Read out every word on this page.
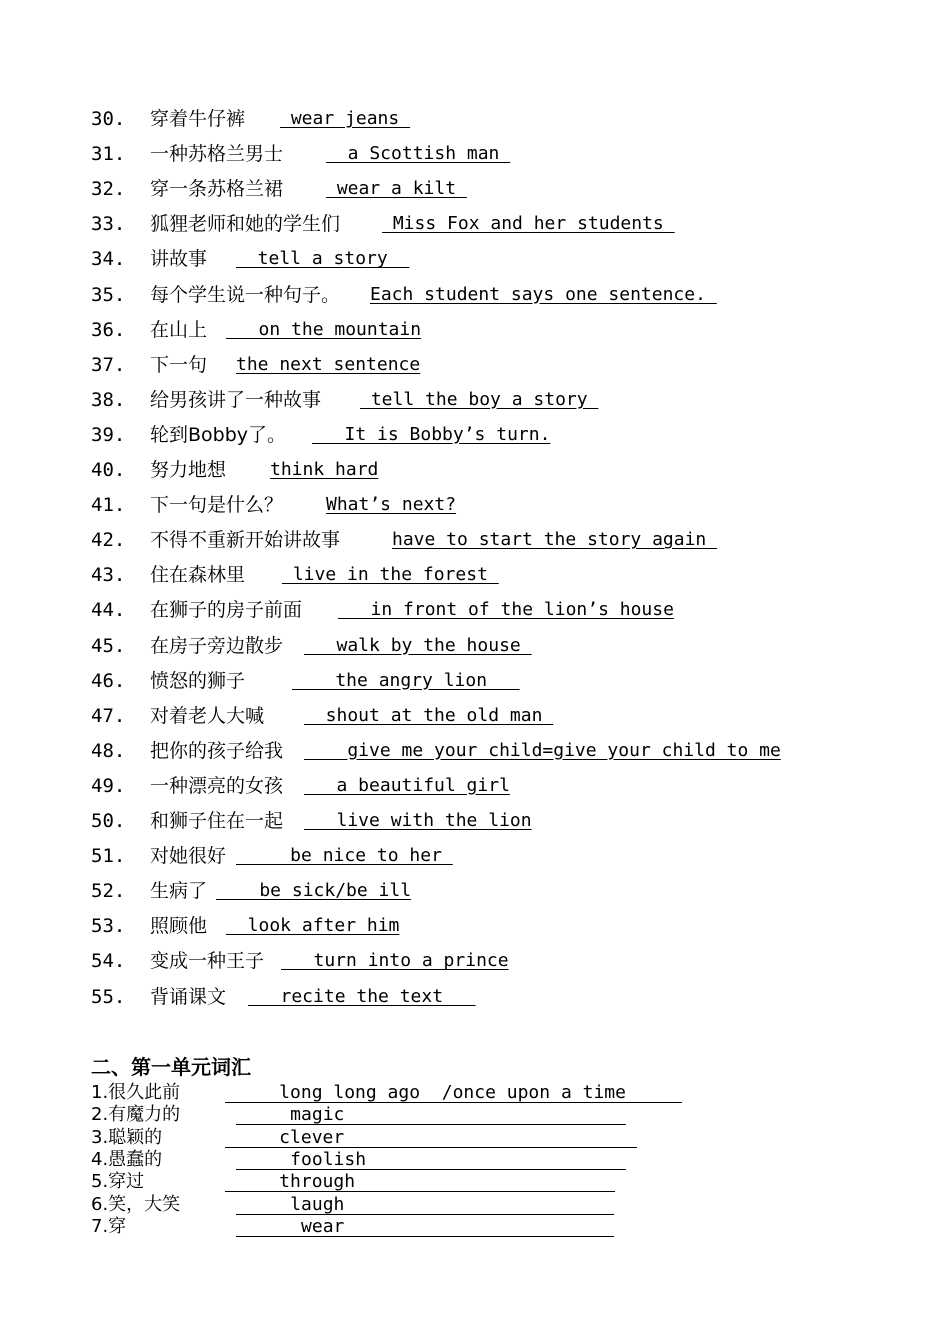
30. 穿着牛仔裤 wear jeans
31. 一种苏格兰男士 a Scottish man
32. 穿一条苏格兰裙 wear a kilt
33. 狐狸老师和她的学生们 Miss Fox and her students
34. 讲故事 tell a story
35. 每个学生说一种句子。 Each student says one sentence.
36. 在山上 on the mountain
37. 下一句 the next sentence
38. 给男孩讲了一种故事 tell the boy a story
39. 轮到Bobby了。 It is Bobby’s turn.
40. 努力地想 think hard
41. 下一句是什么？ What’s next?
42. 不得不重新开始讲故事	have to start the story again
43. 住在森林里 live in the forest
44. 在狮子的房子前面 in front of the lion’s house
45. 在房子旁边散步 walk by the house
46. 愤怒的狮子	the angry lion
47. 对着老人大喊 shout at the old man
48. 把你的孩子给我 give me your child=give your child to me
49. 一种漂亮的女孩 a beautiful girl
50. 和狮子住在一起 live with the lion
51. 对她很好 be nice to her
52. 生病了 be sick/be ill
53. 照顾他 look after him
54. 变成一种王子 turn into a prince
55. 背诵课文 recite the text
二、第一单元词汇
1.很久此前 long long ago  /once upon a time
2.有魔力的	magic
3.聪颖的	clever
4.愚蠢的	foolish
5.穿过	through
6.笑，大笑	laugh
7.穿	wear
